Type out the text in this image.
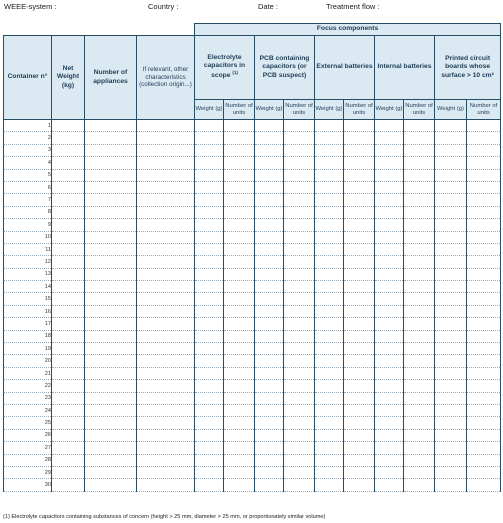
WEEE-system :	Country :	Date :	Treatment flow :
				Focus components									
Container n°	Net Weight (kg)	Number of appliances	If relevant, other characteristics (collection origin...)	Electrolyte capacitors in scope $^{(1)}$		PCB containing capacitors (or PCB suspect)		External batteries		Internal batteries		Printed circuit boards whose surface > 10 cm²	
				Weight (g)	Number of units	Weight (g)	Number of units	Weight (g)	Number of units	Weight (g)	Number of units	Weight (g)	Number of units
1													
2													
3													
4													
5													
6													
7													
8													
9													
10													
11													
12													
13													
14													
15													
16													
17													
18													
19													
20													
21													
22													
23													
24													
25													
26													
27													
28													
29													
30													
(1) Electrolyte capacitors containing substances of concern (height > 25 mm, diameter > 25 mm, or proportionately similar volume)
